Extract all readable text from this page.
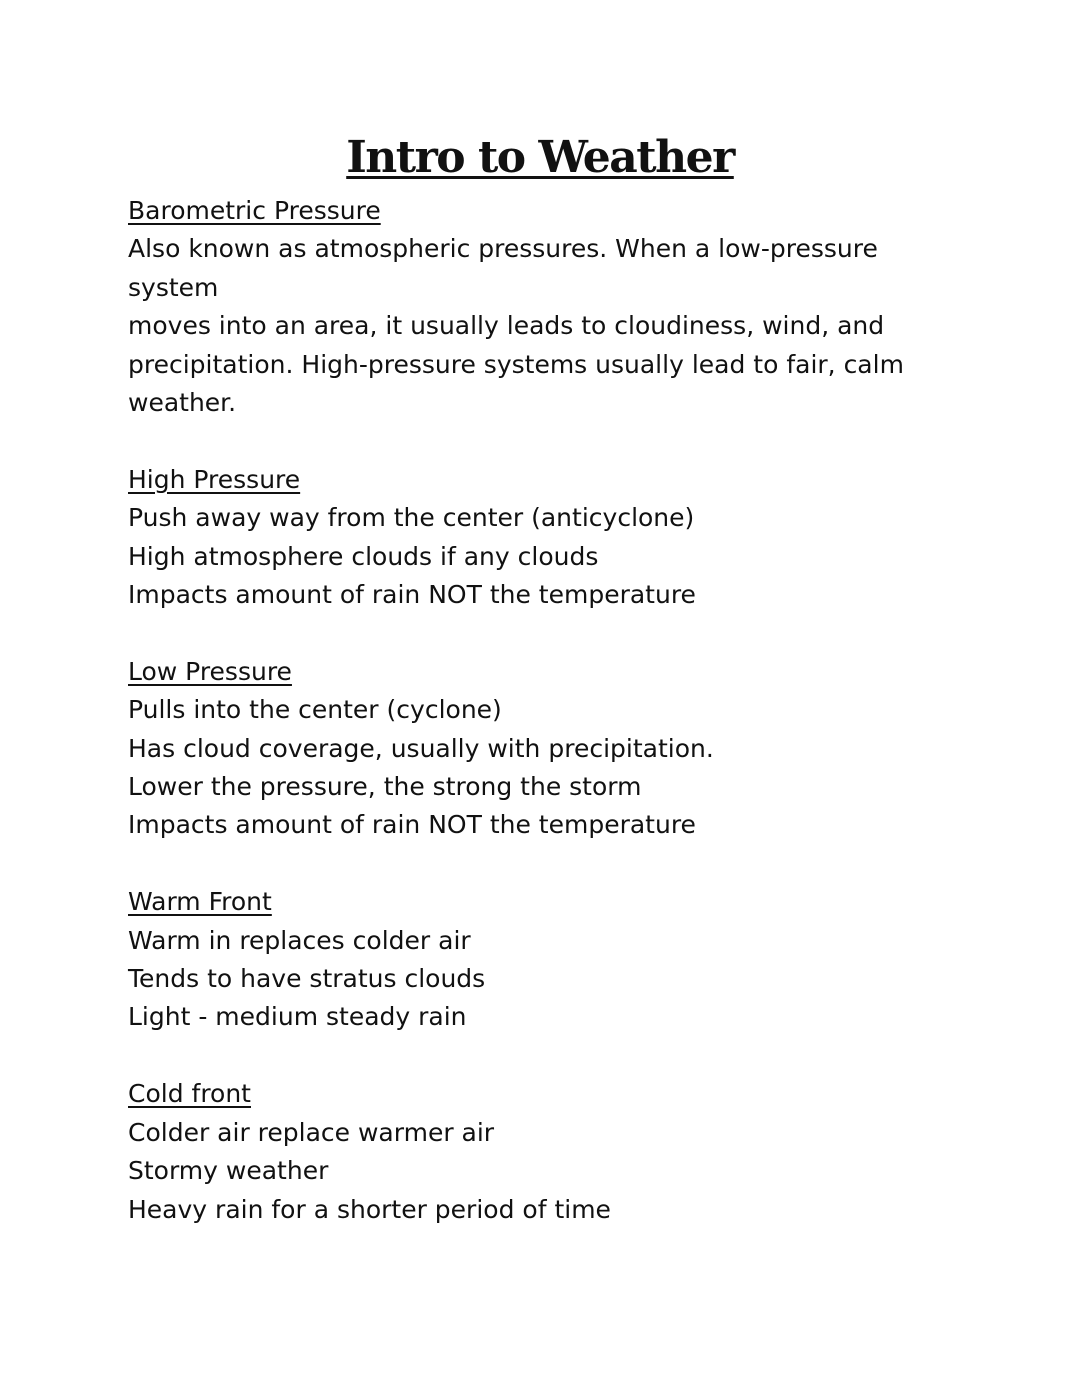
Intro to Weather
Barometric Pressure
Also known as atmospheric pressures. When a low-pressure system
moves into an area, it usually leads to cloudiness, wind, and
precipitation. High-pressure systems usually lead to fair, calm weather.
High Pressure
Push away way from the center (anticyclone)
High atmosphere clouds if any clouds
Impacts amount of rain NOT the temperature
Low Pressure
Pulls into the center (cyclone)
Has cloud coverage, usually with precipitation.
Lower the pressure, the strong the storm
Impacts amount of rain NOT the temperature
Warm Front
Warm in replaces colder air
Tends to have stratus clouds
Light - medium steady rain
Cold front
Colder air replace warmer air
Stormy weather
Heavy rain for a shorter period of time
